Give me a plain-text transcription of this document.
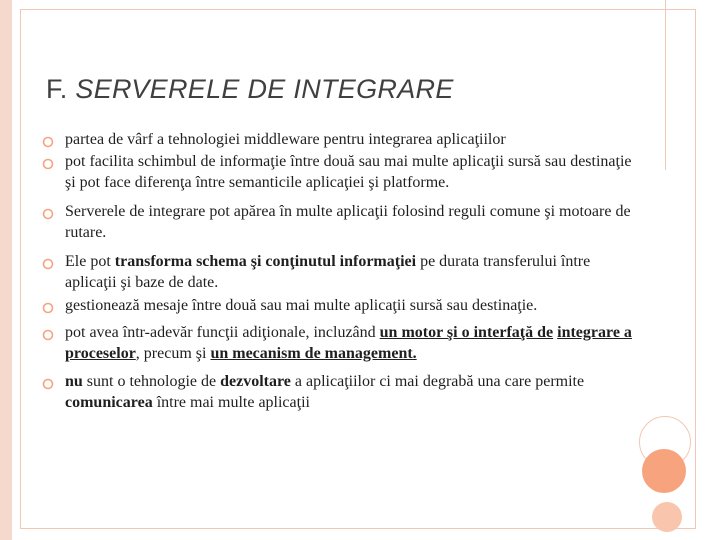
F. SERVERELE DE INTEGRARE
partea de vârf a tehnologiei middleware pentru integrarea aplicaţiilor
pot facilita schimbul de informaţie între două sau mai multe aplicaţii sursă sau destinaţie şi pot face diferenţa între semanticile aplicaţiei şi platforme.
Serverele de integrare pot apărea în multe aplicaţii folosind reguli comune şi motoare de rutare.
Ele pot transforma schema şi conţinutul informaţiei pe durata transferului între aplicaţii şi baze de date.
gestionează mesaje între două sau mai multe aplicaţii sursă sau destinaţie.
pot avea într-adevăr funcţii adiţionale, incluzând un motor şi o interfaţă de integrare a proceselor, precum şi un mecanism de management.
nu sunt o tehnologie de dezvoltare a aplicaţiilor ci mai degrabă una care permite comunicarea între mai multe aplicaţii
